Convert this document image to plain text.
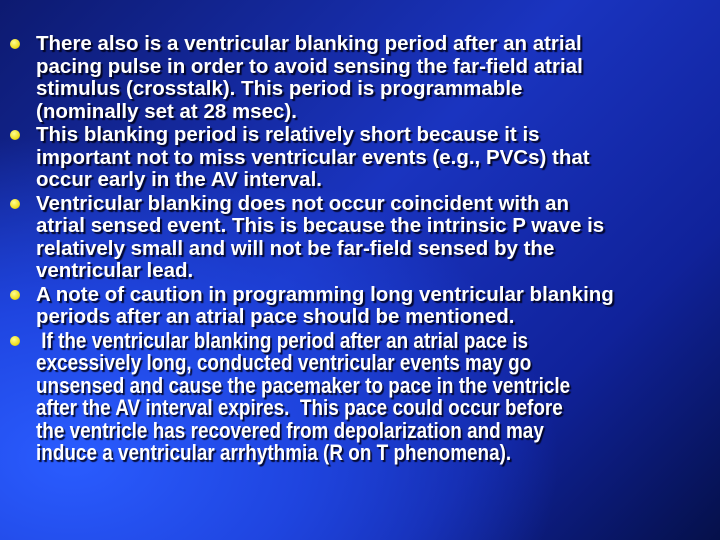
There also is a ventricular blanking period after an atrial
pacing pulse in order to avoid sensing the far-field atrial
stimulus (crosstalk). This period is programmable
(nominally set at 28 msec).
This blanking period is relatively short because it is
important not to miss ventricular events (e.g., PVCs) that
occur early in the AV interval.
Ventricular blanking does not occur coincident with an
atrial sensed event. This is because the intrinsic P wave is
relatively small and will not be far-field sensed by the
ventricular lead.
A note of caution in programming long ventricular blanking
periods after an atrial pace should be mentioned.
If the ventricular blanking period after an atrial pace is
excessively long, conducted ventricular events may go
unsensed and cause the pacemaker to pace in the ventricle
after the AV interval expires.  This pace could occur before
the ventricle has recovered from depolarization and may
induce a ventricular arrhythmia (R on T phenomena).
